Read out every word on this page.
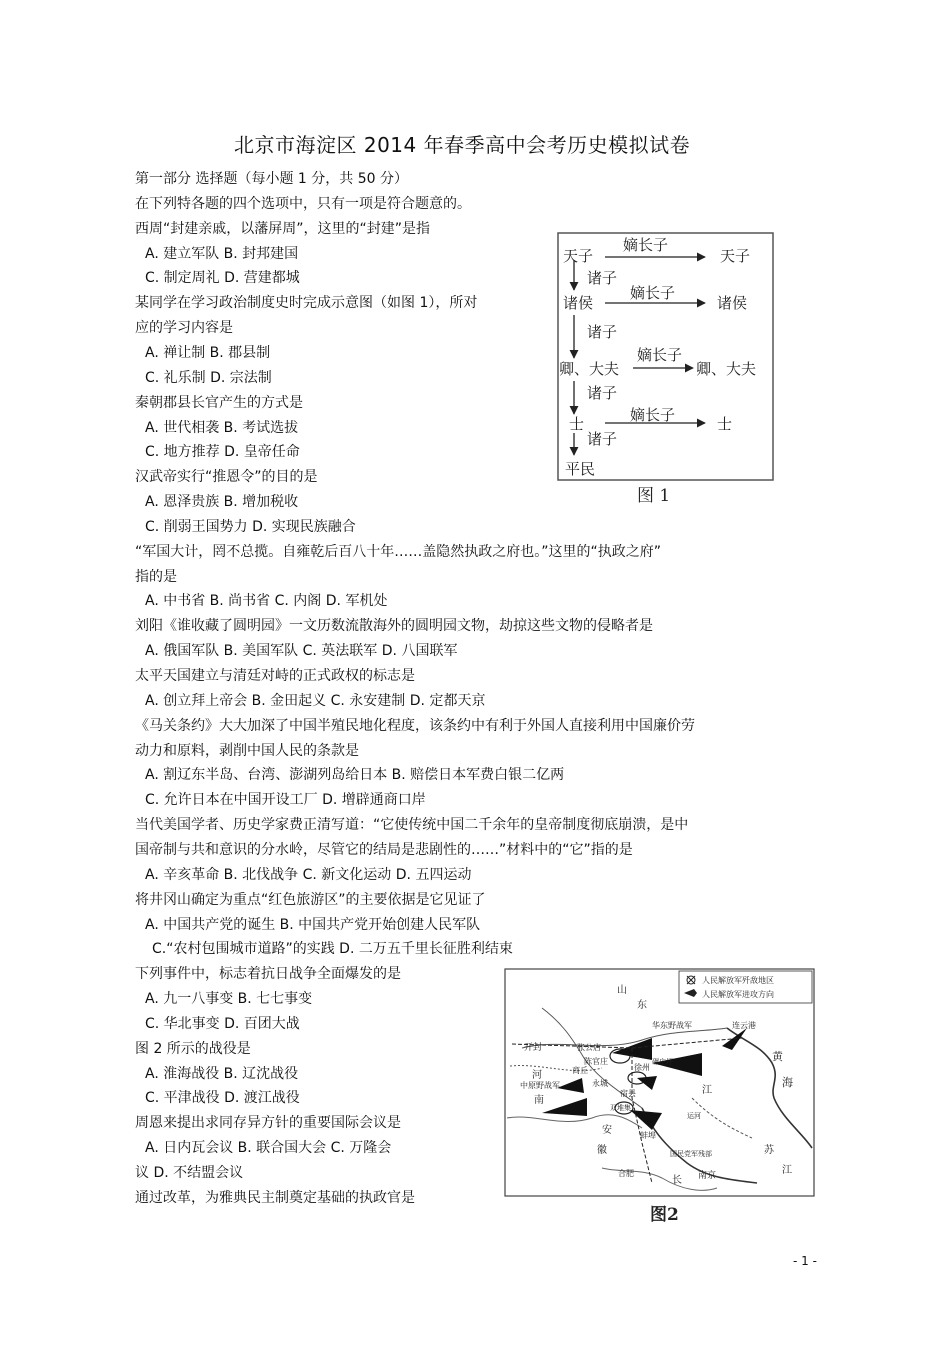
北京市海淀区 2014 年春季高中会考历史模拟试卷
第一部分 选择题（每小题 1 分，共 50 分）
在下列特各题的四个选项中，只有一项是符合题意的。
西周“封建亲戚，以藩屏周”，这里的“封建”是指
A. 建立军队 B. 封邦建国
C. 制定周礼 D. 营建都城
某同学在学习政治制度史时完成示意图（如图 1），所对
应的学习内容是
A. 禅让制 B. 郡县制
C. 礼乐制 D. 宗法制
秦朝郡县长官产生的方式是
A. 世代相袭 B. 考试选拔
C. 地方推荐 D. 皇帝任命
汉武帝实行“推恩令”的目的是
A. 恩泽贵族 B. 增加税收
C. 削弱王国势力 D. 实现民族融合
“军国大计，罔不总揽。自雍乾后百八十年……盖隐然执政之府也。”这里的“执政之府”
指的是
A. 中书省 B. 尚书省 C. 内阁 D. 军机处
刘阳《谁收藏了圆明园》一文历数流散海外的圆明园文物，劫掠这些文物的侵略者是
A. 俄国军队 B. 美国军队 C. 英法联军 D. 八国联军
太平天国建立与清廷对峙的正式政权的标志是
A. 创立拜上帝会 B. 金田起义 C. 永安建制 D. 定都天京
《马关条约》大大加深了中国半殖民地化程度，该条约中有利于外国人直接利用中国廉价劳
动力和原料，剥削中国人民的条款是
A. 割辽东半岛、台湾、澎湖列岛给日本 B. 赔偿日本军费白银二亿两
C. 允许日本在中国开设工厂 D. 增辟通商口岸
当代美国学者、历史学家费正清写道：“它使传统中国二千余年的皇帝制度彻底崩溃，是中
国帝制与共和意识的分水岭，尽管它的结局是悲剧性的……”材料中的“它”指的是
A. 辛亥革命 B. 北伐战争 C. 新文化运动 D. 五四运动
将井冈山确定为重点“红色旅游区”的主要依据是它见证了
A. 中国共产党的诞生 B. 中国共产党开始创建人民军队
C.“农村包围城市道路”的实践 D. 二万五千里长征胜利结束
下列事件中，标志着抗日战争全面爆发的是
A. 九一八事变 B. 七七事变
C. 华北事变 D. 百团大战
图 2 所示的战役是
A. 淮海战役 B. 辽沈战役
C. 平津战役 D. 渡江战役
周恩来提出求同存异方针的重要国际会议是
A. 日内瓦会议 B. 联合国大会 C. 万隆会
议 D. 不结盟会议
通过改革，为雅典民主制奠定基础的执政官是
天子
诸侯
卿、大夫
士
平民
嫡长子
嫡长子
嫡长子
嫡长子
天子
诸侯
卿、大夫
士
诸子
诸子
诸子
诸子
图 1
人民解放军歼敌地区
人民解放军进攻方向
开封	张公店
徐州
连云港
碾庄圩
双堆集
蚌埠
合肥	南京
商丘
永城
宿县
中原野战军
华东野战军
陈官庄
山
东
黄
海
江
苏
安
徽
河
南
江
长
国民党军残部
运河
图2
- 1 -
